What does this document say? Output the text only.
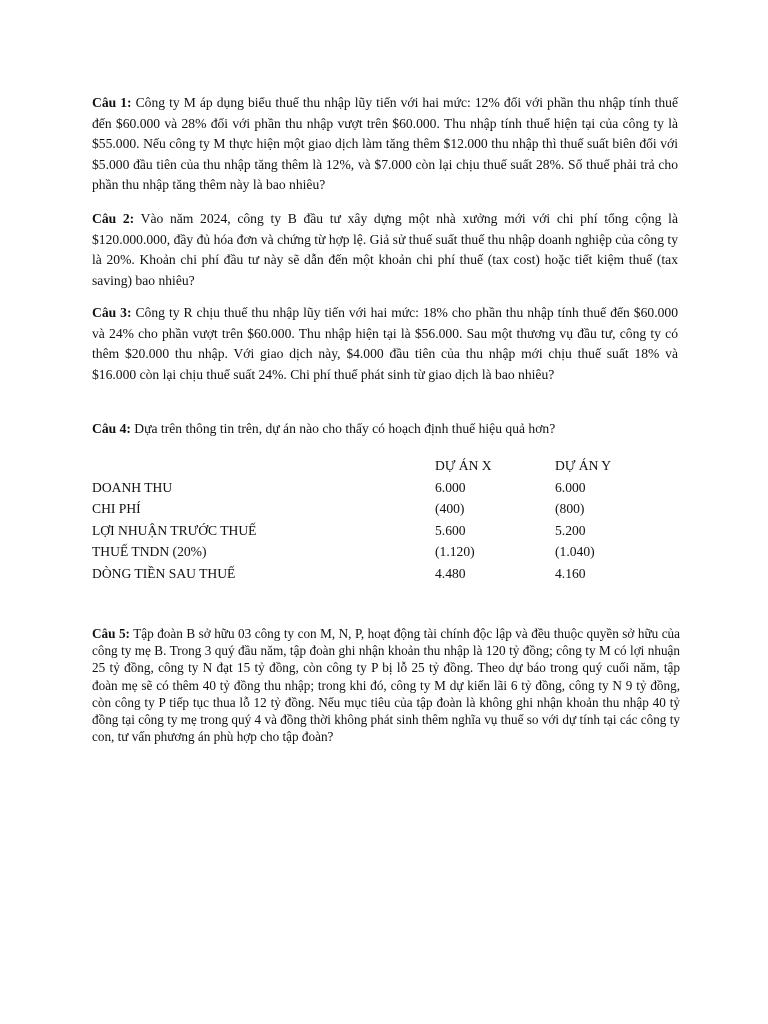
Câu 1: Công ty M áp dụng biểu thuế thu nhập lũy tiến với hai mức: 12% đối với phần thu nhập tính thuế đến $60.000 và 28% đối với phần thu nhập vượt trên $60.000. Thu nhập tính thuế hiện tại của công ty là $55.000. Nếu công ty M thực hiện một giao dịch làm tăng thêm $12.000 thu nhập thì thuế suất biên đối với $5.000 đầu tiên của thu nhập tăng thêm là 12%, và $7.000 còn lại chịu thuế suất 28%. Số thuế phải trả cho phần thu nhập tăng thêm này là bao nhiêu?

Câu 2: Vào năm 2024, công ty B đầu tư xây dựng một nhà xưởng mới với chi phí tổng cộng là $120.000.000, đầy đủ hóa đơn và chứng từ hợp lệ. Giả sử thuế suất thuế thu nhập doanh nghiệp của công ty là 20%. Khoản chi phí đầu tư này sẽ dẫn đến một khoản chi phí thuế (tax cost) hoặc tiết kiệm thuế (tax saving) bao nhiêu?

Câu 3: Công ty R chịu thuế thu nhập lũy tiến với hai mức: 18% cho phần thu nhập tính thuế đến $60.000 và 24% cho phần vượt trên $60.000. Thu nhập hiện tại là $56.000. Sau một thương vụ đầu tư, công ty có thêm $20.000 thu nhập. Với giao dịch này, $4.000 đầu tiên của thu nhập mới chịu thuế suất 18% và $16.000 còn lại chịu thuế suất 24%. Chi phí thuế phát sinh từ giao dịch là bao nhiêu?

Câu 4: Dựa trên thông tin trên, dự án nào cho thấy có hoạch định thuế hiệu quả hơn?

	DỰ ÁN X	DỰ ÁN Y
DOANH THU	6.000	6.000
CHI PHÍ	(400)	(800)
LỢI NHUẬN TRƯỚC THUẾ	5.600	5.200
THUẾ TNDN (20%)	(1.120)	(1.040)
DÒNG TIỀN SAU THUẾ	4.480	4.160

Câu 5: Tập đoàn B sở hữu 03 công ty con M, N, P, hoạt động tài chính độc lập và đều thuộc quyền sở hữu của công ty mẹ B. Trong 3 quý đầu năm, tập đoàn ghi nhận khoản thu nhập là 120 tỷ đồng; công ty M có lợi nhuận 25 tỷ đồng, công ty N đạt 15 tỷ đồng, còn công ty P bị lỗ 25 tỷ đồng. Theo dự báo trong quý cuối năm, tập đoàn mẹ sẽ có thêm 40 tỷ đồng thu nhập; trong khi đó, công ty M dự kiến lãi 6 tỷ đồng, công ty N 9 tỷ đồng, còn công ty P tiếp tục thua lỗ 12 tỷ đồng. Nếu mục tiêu của tập đoàn là không ghi nhận khoản thu nhập 40 tỷ đồng tại công ty mẹ trong quý 4 và đồng thời không phát sinh thêm nghĩa vụ thuế so với dự tính tại các công ty con, tư vấn phương án phù hợp cho tập đoàn?
